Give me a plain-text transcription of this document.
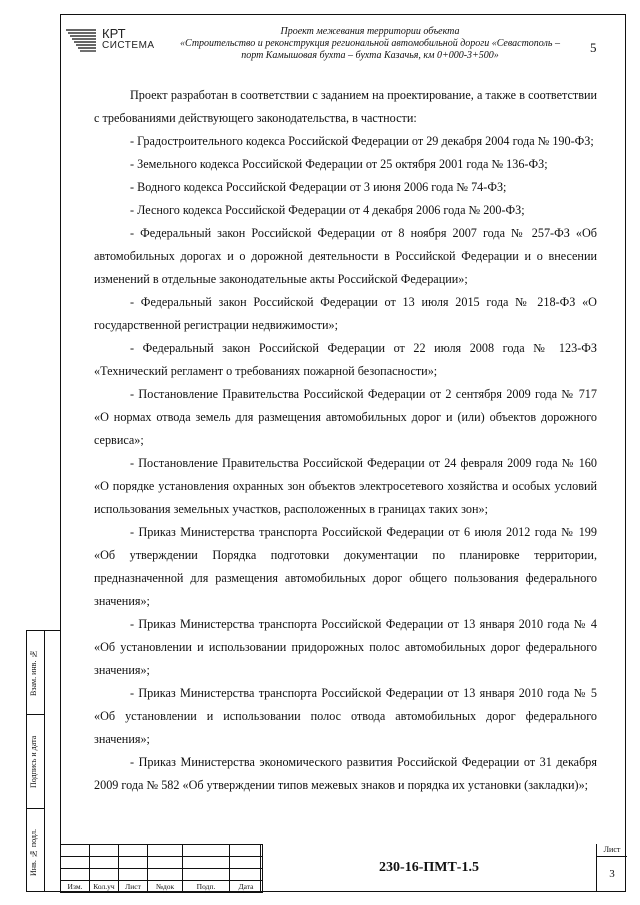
КРТ
СИСТЕМА
Проект межевания территории объекта
«Строительство и реконструкция региональной автомобильной дороги «Севастополь –
порт Камышовая бухта – бухта Казачья, км 0+000-3+500»
5

Проект разработан в соответствии с заданием на проектирование, а также в соответствии с требованиями действующего законодательства, в частности:

- Градостроительного кодекса Российской Федерации от 29 декабря 2004 года № 190-ФЗ;

- Земельного кодекса Российской Федерации от 25 октября 2001 года № 136-ФЗ;

- Водного кодекса Российской Федерации от 3 июня 2006 года № 74-ФЗ;

- Лесного кодекса Российской Федерации от 4 декабря 2006 года № 200-ФЗ;

- Федеральный закон Российской Федерации от 8 ноября 2007 года № 257-ФЗ «Об автомобильных дорогах и о дорожной деятельности в Российской Федерации и о внесении изменений в отдельные законодательные акты Российской Федерации»;

- Федеральный закон Российской Федерации от 13 июля 2015 года № 218-ФЗ «О государственной регистрации недвижимости»;

- Федеральный закон Российской Федерации от 22 июля 2008 года № 123-ФЗ «Технический регламент о требованиях пожарной безопасности»;

- Постановление Правительства Российской Федерации от 2 сентября 2009 года № 717 «О нормах отвода земель для размещения автомобильных дорог и (или) объектов дорожного сервиса»;

- Постановление Правительства Российской Федерации от 24 февраля 2009 года № 160 «О порядке установления охранных зон объектов электросетевого хозяйства и особых условий использования земельных участков, расположенных в границах таких зон»;

- Приказ Министерства транспорта Российской Федерации от 6 июля 2012 года № 199 «Об утверждении Порядка подготовки документации по планировке территории, предназначенной для размещения автомобильных дорог общего пользования федерального значения»;

- Приказ Министерства транспорта Российской Федерации от 13 января 2010 года № 4 «Об установлении и использовании придорожных полос автомобильных дорог федерального значения»;

- Приказ Министерства транспорта Российской Федерации от 13 января 2010 года № 5 «Об установлении и использовании полос отвода автомобильных дорог федерального значения»;

- Приказ Министерства экономического развития Российской Федерации от 31 декабря 2009 года № 582 «Об утверждении типов межевых знаков и порядка их установки (закладки)»;

Взам. инв. №
Подпись и дата
Инв. № подл.

Изм.	Кол.уч	Лист	№док	Подп.	Дата
230-16-ПМТ-1.5
Лист
3
